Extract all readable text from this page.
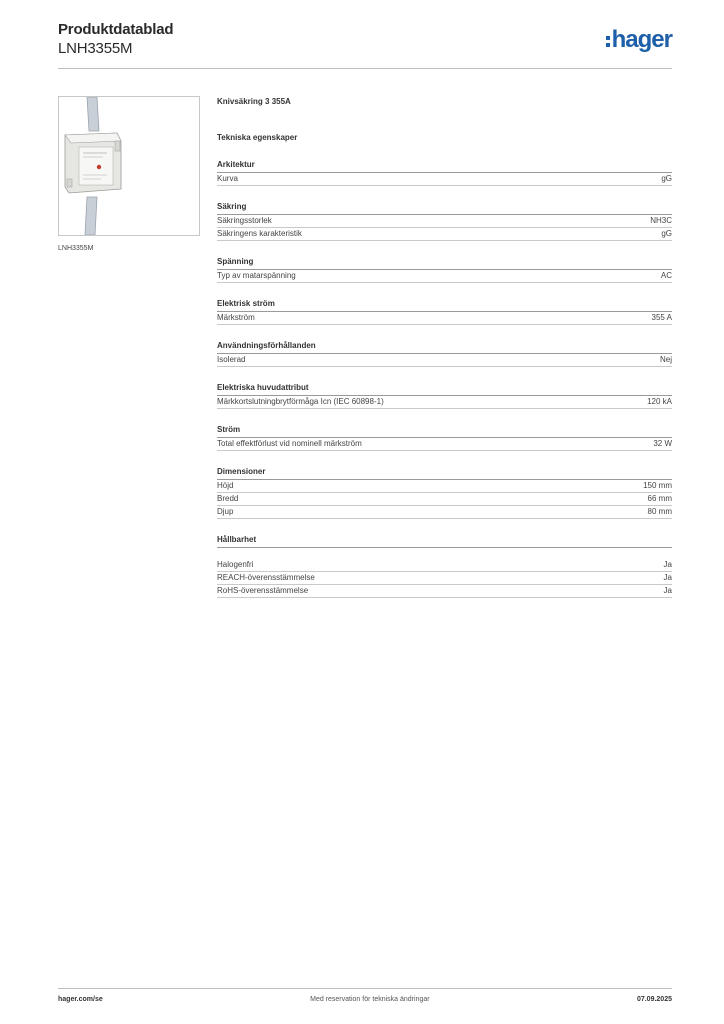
Produktdatablad
LNH3355M	hager
LNH3355M
Knivsäkring 3 355A
Tekniska egenskaper
Arkitektur
Kurva	gG
Säkring
Säkringsstorlek	NH3C
Säkringens karakteristik	gG
Spänning
Typ av matarspänning	AC
Elektrisk ström
Märkström	355 A
Användningsförhållanden
Isolerad	Nej
Elektriska huvudattribut
Märkkortslutningbrytförmåga Icn (IEC 60898-1)	120 kA
Ström
Total effektförlust vid nominell märkström	32 W
Dimensioner
Höjd	150 mm
Bredd	66 mm
Djup	80 mm
Hållbarhet
Halogenfri	Ja
REACH-överensstämmelse	Ja
RoHS-överensstämmelse	Ja
hager.com/se	Med reservation för tekniska ändringar	07.09.2025
